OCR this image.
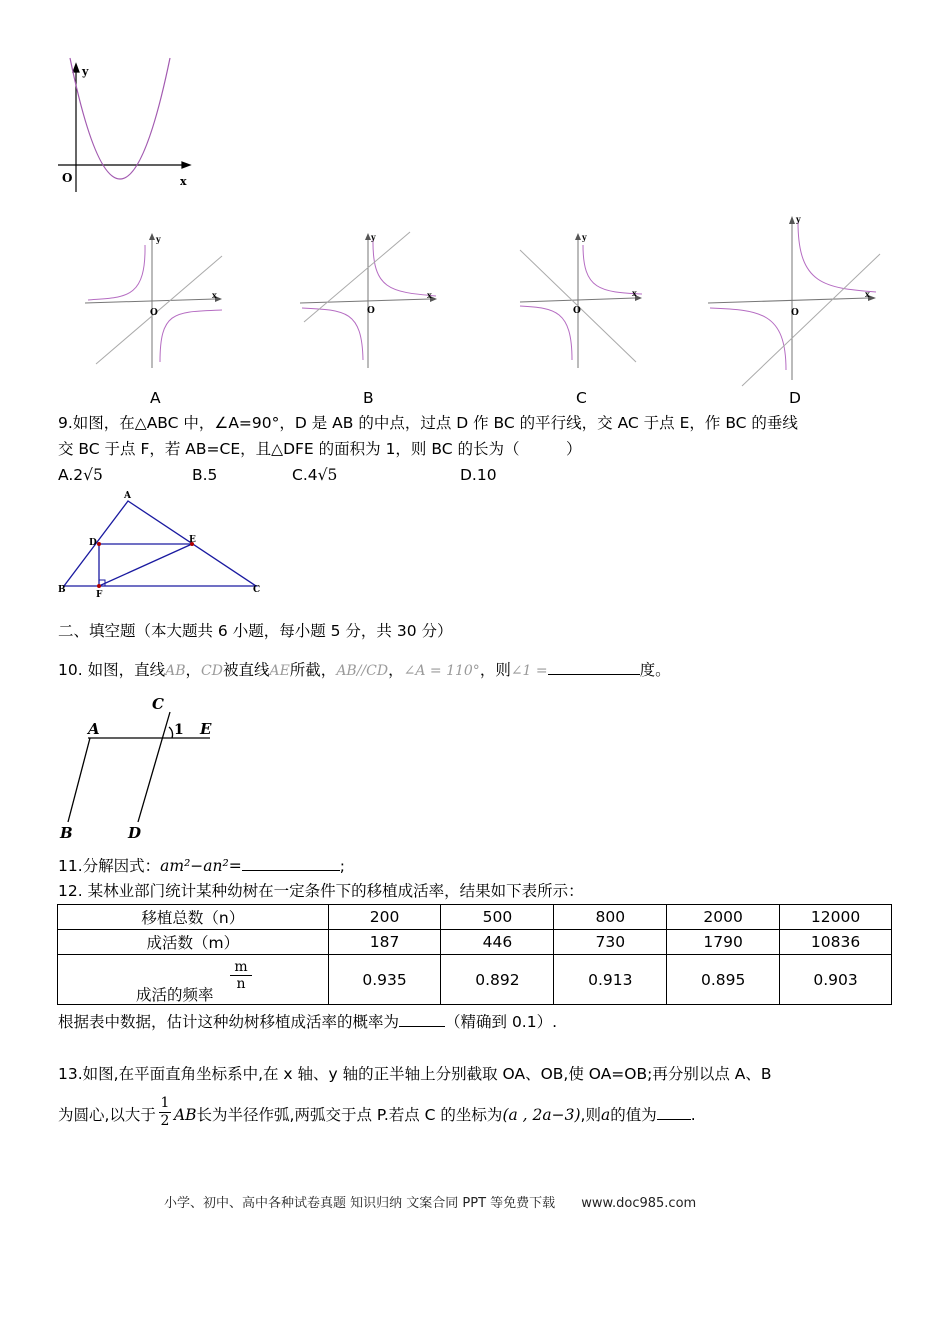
y
x
O
y
x
O
y
x
O
y
x
O
y
x
O
A	B	C	D
9.如图，在△ABC 中，∠A=90°，D 是 AB 的中点，过点 D 作 BC 的平行线，交 AC 于点 E，作 BC 的垂线
交 BC 于点 F，若 AB=CE，且△DFE 的面积为 1，则 BC 的长为（　　　）
A.2√5	B.5	C.4√5	D.10
A
D	E
B	F	C
二、填空题（本大题共 6 小题，每小题 5 分，共 30 分）
10. 如图，直线AB，CD被直线AE所截，AB//CD，∠A = 110°，则∠1 =	度。
A
C
1 E
B	D
11.分解因式：am²−an²=	;
12. 某林业部门统计某种幼树在一定条件下的移植成活率，结果如下表所示：
移植总数（n）	200	500	800	2000	12000
成活数（m）	187	446	730	1790	10836

成活的频率
m
n	0.935	0.892	0.913	0.895	0.903
根据表中数据，估计这种幼树移植成活率的概率为	（精确到 0.1）.
13.如图,在平面直角坐标系中,在 x 轴、y 轴的正半轴上分别截取 OA、OB,使 OA=OB;再分别以点 A、B
为圆心,以大于 $\frac{1}{2}$ AB长为半径作弧,两弧交于点 P.若点 C 的坐标为(a , 2a−3),则a的值为 .
小学、初中、高中各种试卷真题 知识归纳 文案合同 PPT 等免费下载 www.doc985.com
